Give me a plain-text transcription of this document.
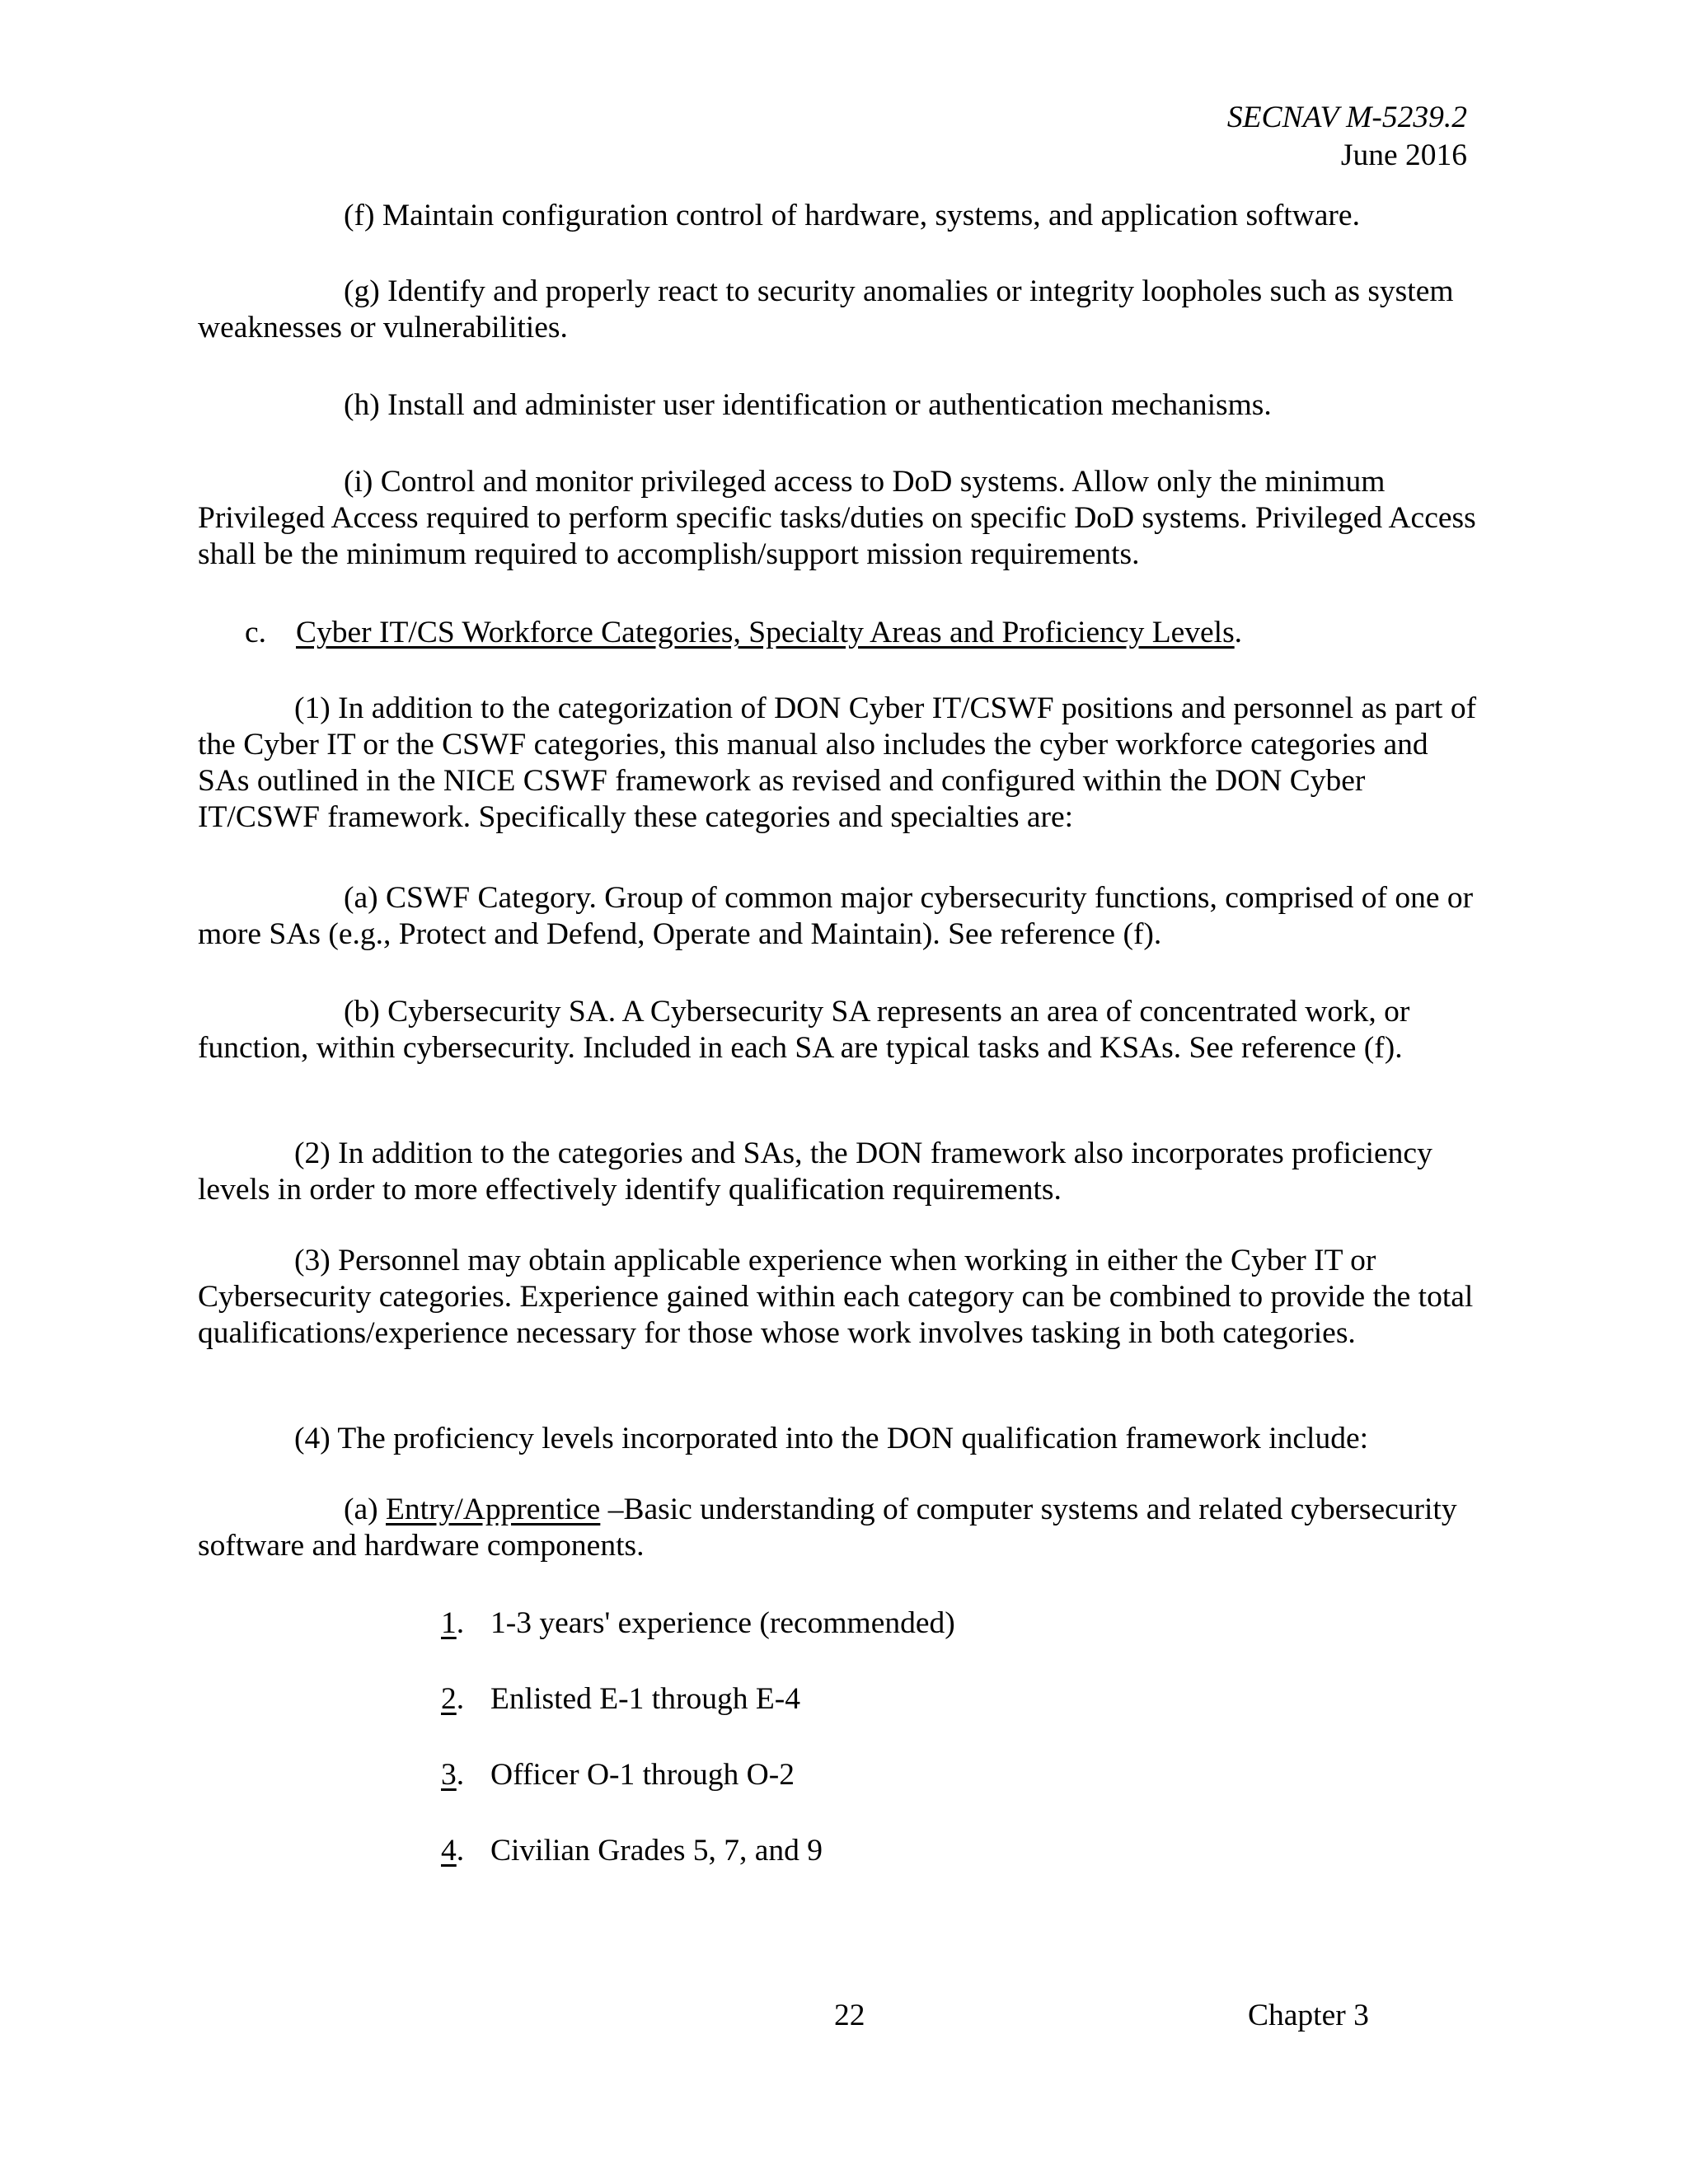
SECNAV M-5239.2
June 2016

(f) Maintain configuration control of hardware, systems, and application software.

(g) Identify and properly react to security anomalies or integrity loopholes such as system weaknesses or vulnerabilities.

(h) Install and administer user identification or authentication mechanisms.

(i) Control and monitor privileged access to DoD systems. Allow only the minimum Privileged Access required to perform specific tasks/duties on specific DoD systems. Privileged Access shall be the minimum required to accomplish/support mission requirements.

c. Cyber IT/CS Workforce Categories, Specialty Areas and Proficiency Levels.

(1) In addition to the categorization of DON Cyber IT/CSWF positions and personnel as part of the Cyber IT or the CSWF categories, this manual also includes the cyber workforce categories and SAs outlined in the NICE CSWF framework as revised and configured within the DON Cyber IT/CSWF framework. Specifically these categories and specialties are:

(a) CSWF Category. Group of common major cybersecurity functions, comprised of one or more SAs (e.g., Protect and Defend, Operate and Maintain). See reference (f).

(b) Cybersecurity SA. A Cybersecurity SA represents an area of concentrated work, or function, within cybersecurity. Included in each SA are typical tasks and KSAs. See reference (f).

(2) In addition to the categories and SAs, the DON framework also incorporates proficiency levels in order to more effectively identify qualification requirements.

(3) Personnel may obtain applicable experience when working in either the Cyber IT or Cybersecurity categories. Experience gained within each category can be combined to provide the total qualifications/experience necessary for those whose work involves tasking in both categories.

(4) The proficiency levels incorporated into the DON qualification framework include:

(a) Entry/Apprentice –Basic understanding of computer systems and related cybersecurity software and hardware components.

1. 1-3 years' experience (recommended)

2. Enlisted E-1 through E-4

3. Officer O-1 through O-2

4. Civilian Grades 5, 7, and 9

22	Chapter 3
